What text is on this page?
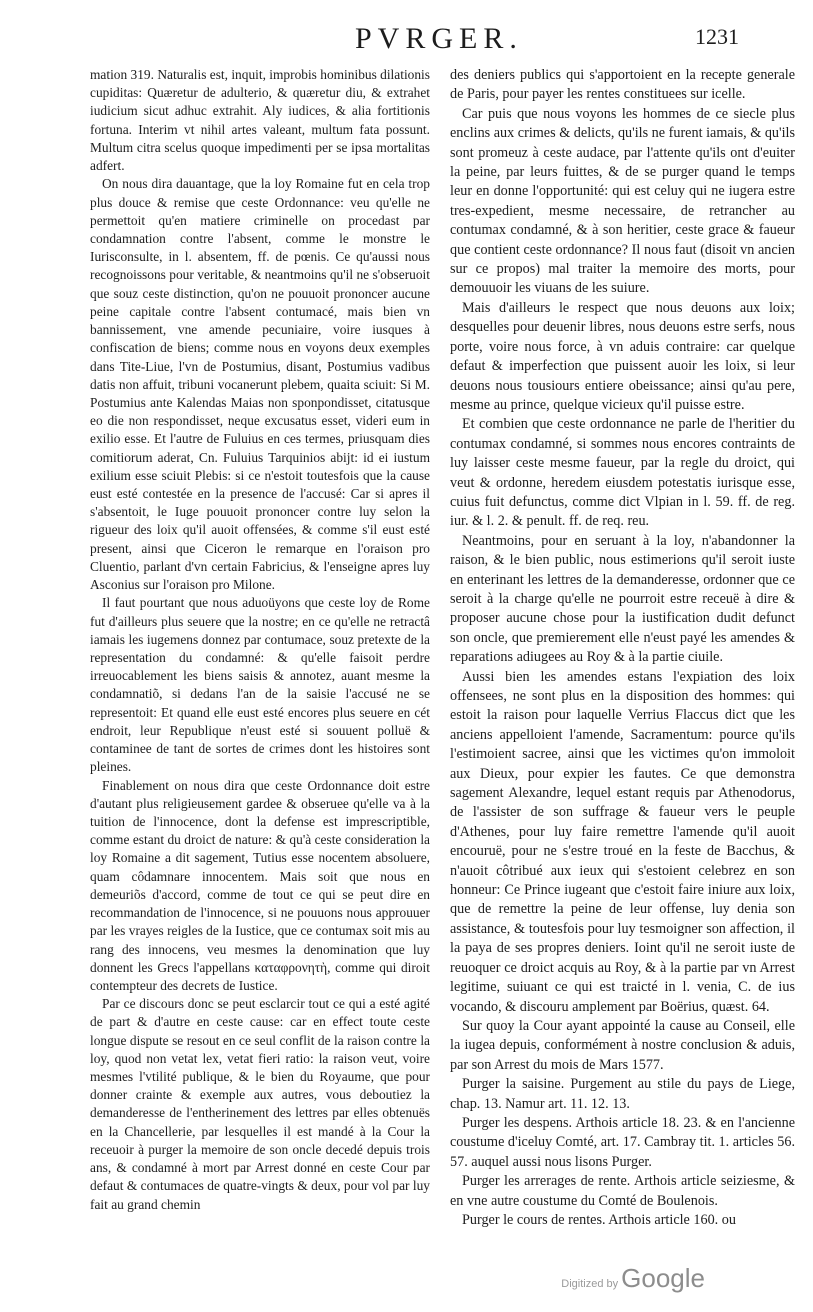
PVRGER.	1231

mation 319. Naturalis est, inquit, improbis hominibus dilationis cupiditas: Quæretur de adulterio, & quæretur diu, & extrahet iudicium sicut adhuc extrahit. Aly iudices, & alia fortitionis fortuna. Interim vt nihil artes valeant, multum fata possunt. Multum citra scelus quoque impedimenti per se ipsa mortalitas adfert.

On nous dira dauantage, que la loy Romaine fut en cela trop plus douce & remise que ceste Ordonnance: veu qu'elle ne permettoit qu'en matiere criminelle on procedast par condamnation contre l'absent, comme le monstre le Iurisconsulte, in l. absentem, ff. de pœnis. Ce qu'aussi nous recognoissons pour veritable, & neantmoins qu'il ne s'obseruoit que souz ceste distinction, qu'on ne pouuoit prononcer aucune peine capitale contre l'absent contumacé, mais bien vn bannissement, vne amende pecuniaire, voire iusques à confiscation de biens; comme nous en voyons deux exemples dans Tite-Liue, l'vn de Postumius, disant, Postumius vadibus datis non affuit, tribuni vocanerunt plebem, quaita sciuit: Si M. Postumius ante Kalendas Maias non sponpondisset, citatusque eo die non respondisset, neque excusatus esset, videri eum in exilio esse. Et l'autre de Fuluius en ces termes, priusquam dies comitiorum aderat, Cn. Fuluius Tarquinios abijt: id ei iustum exilium esse sciuit Plebis: si ce n'estoit toutesfois que la cause eust esté contestée en la presence de l'accusé: Car si apres il s'absentoit, le Iuge pouuoit prononcer contre luy selon la rigueur des loix qu'il auoit offensées, & comme s'il eust esté present, ainsi que Ciceron le remarque en l'oraison pro Cluentio, parlant d'vn certain Fabricius, & l'enseigne apres luy Asconius sur l'oraison pro Milone.

Il faut pourtant que nous aduoüyons que ceste loy de Rome fut d'ailleurs plus seuere que la nostre; en ce qu'elle ne retractâ iamais les iugemens donnez par contumace, souz pretexte de la representation du condamné: & qu'elle faisoit perdre irreuocablement les biens saisis & annotez, auant mesme la condamnatiõ, si dedans l'an de la saisie l'accusé ne se representoit: Et quand elle eust esté encores plus seuere en cét endroit, leur Republique n'eust esté si souuent polluë & contaminee de tant de sortes de crimes dont les histoires sont pleines.

Finablement on nous dira que ceste Ordonnance doit estre d'autant plus religieusement gardee & obseruee qu'elle va à la tuition de l'innocence, dont la defense est imprescriptible, comme estant du droict de nature: & qu'à ceste consideration la loy Romaine a dit sagement, Tutius esse nocentem absoluere, quam côdamnare innocentem. Mais soit que nous en demeuriõs d'accord, comme de tout ce qui se peut dire en recommandation de l'innocence, si ne pouuons nous approuuer par les vrayes reigles de la Iustice, que ce contumax soit mis au rang des innocens, veu mesmes la denomination que luy donnent les Grecs l'appellans καταφρονητὴ, comme qui diroit contempteur des decrets de Iustice.

Par ce discours donc se peut esclarcir tout ce qui a esté agité de part & d'autre en ceste cause: car en effect toute ceste longue dispute se resout en ce seul conflit de la raison contre la loy, quod non vetat lex, vetat fieri ratio: la raison veut, voire mesmes l'vtilité publique, & le bien du Royaume, que pour donner crainte & exemple aux autres, vous deboutiez la demanderesse de l'entherinement des lettres par elles obtenuës en la Chancellerie, par lesquelles il est mandé à la Cour la receuoir à purger la memoire de son oncle decedé depuis trois ans, & condamné à mort par Arrest donné en ceste Cour par defaut & contumaces de quatre-vingts & deux, pour vol par luy fait au grand chemin

des deniers publics qui s'apportoient en la recepte generale de Paris, pour payer les rentes constituees sur icelle.

Car puis que nous voyons les hommes de ce siecle plus enclins aux crimes & delicts, qu'ils ne furent iamais, & qu'ils sont promeuz à ceste audace, par l'attente qu'ils ont d'euiter la peine, par leurs fuittes, & de se purger quand le temps leur en donne l'opportunité: qui est celuy qui ne iugera estre tres-expedient, mesme necessaire, de retrancher au contumax condamné, & à son heritier, ceste grace & faueur que contient ceste ordonnance? Il nous faut (disoit vn ancien sur ce propos) mal traiter la memoire des morts, pour demouuoir les viuans de les suiure.

Mais d'ailleurs le respect que nous deuons aux loix; desquelles pour deuenir libres, nous deuons estre serfs, nous porte, voire nous force, à vn aduis contraire: car quelque defaut & imperfection que puissent auoir les loix, si leur deuons nous tousiours entiere obeissance; ainsi qu'au pere, mesme au prince, quelque vicieux qu'il puisse estre.

Et combien que ceste ordonnance ne parle de l'heritier du contumax condamné, si sommes nous encores contraints de luy laisser ceste mesme faueur, par la regle du droict, qui veut & ordonne, heredem eiusdem potestatis iurisque esse, cuius fuit defunctus, comme dict Vlpian in l. 59. ff. de reg. iur. & l. 2. & penult. ff. de req. reu.

Neantmoins, pour en seruant à la loy, n'abandonner la raison, & le bien public, nous estimerions qu'il seroit iuste en enterinant les lettres de la demanderesse, ordonner que ce seroit à la charge qu'elle ne pourroit estre receuë à dire & proposer aucune chose pour la iustification dudit defunct son oncle, que premierement elle n'eust payé les amendes & reparations adiugees au Roy & à la partie ciuile.

Aussi bien les amendes estans l'expiation des loix offensees, ne sont plus en la disposition des hommes: qui estoit la raison pour laquelle Verrius Flaccus dict que les anciens appelloient l'amende, Sacramentum: pource qu'ils l'estimoient sacree, ainsi que les victimes qu'on immoloit aux Dieux, pour expier les fautes. Ce que demonstra sagement Alexandre, lequel estant requis par Athenodorus, de l'assister de son suffrage & faueur vers le peuple d'Athenes, pour luy faire remettre l'amende qu'il auoit encouruë, pour ne s'estre troué en la feste de Bacchus, & n'auoit côtribué aux ieux qui s'estoient celebrez en son honneur: Ce Prince iugeant que c'estoit faire iniure aux loix, que de remettre la peine de leur offense, luy denia son assistance, & toutesfois pour luy tesmoigner son affection, il la paya de ses propres deniers. Ioint qu'il ne seroit iuste de reuoquer ce droict acquis au Roy, & à la partie par vn Arrest legitime, suiuant ce qui est traicté in l. venia, C. de ius vocando, & discouru amplement par Boërius, quæst. 64.

Sur quoy la Cour ayant appointé la cause au Conseil, elle la iugea depuis, conformément à nostre conclusion & aduis, par son Arrest du mois de Mars 1577.

Purger la saisine. Purgement au stile du pays de Liege, chap. 13. Namur art. 11. 12. 13.

Purger les despens. Arthois article 18. 23. & en l'ancienne coustume d'iceluy Comté, art. 17. Cambray tit. 1. articles 56. 57. auquel aussi nous lisons Purger.

Purger les arrerages de rente. Arthois article seiziesme, & en vne autre coustume du Comté de Boulenois.

Purger le cours de rentes. Arthois article 160. ou

Digitized by Google
